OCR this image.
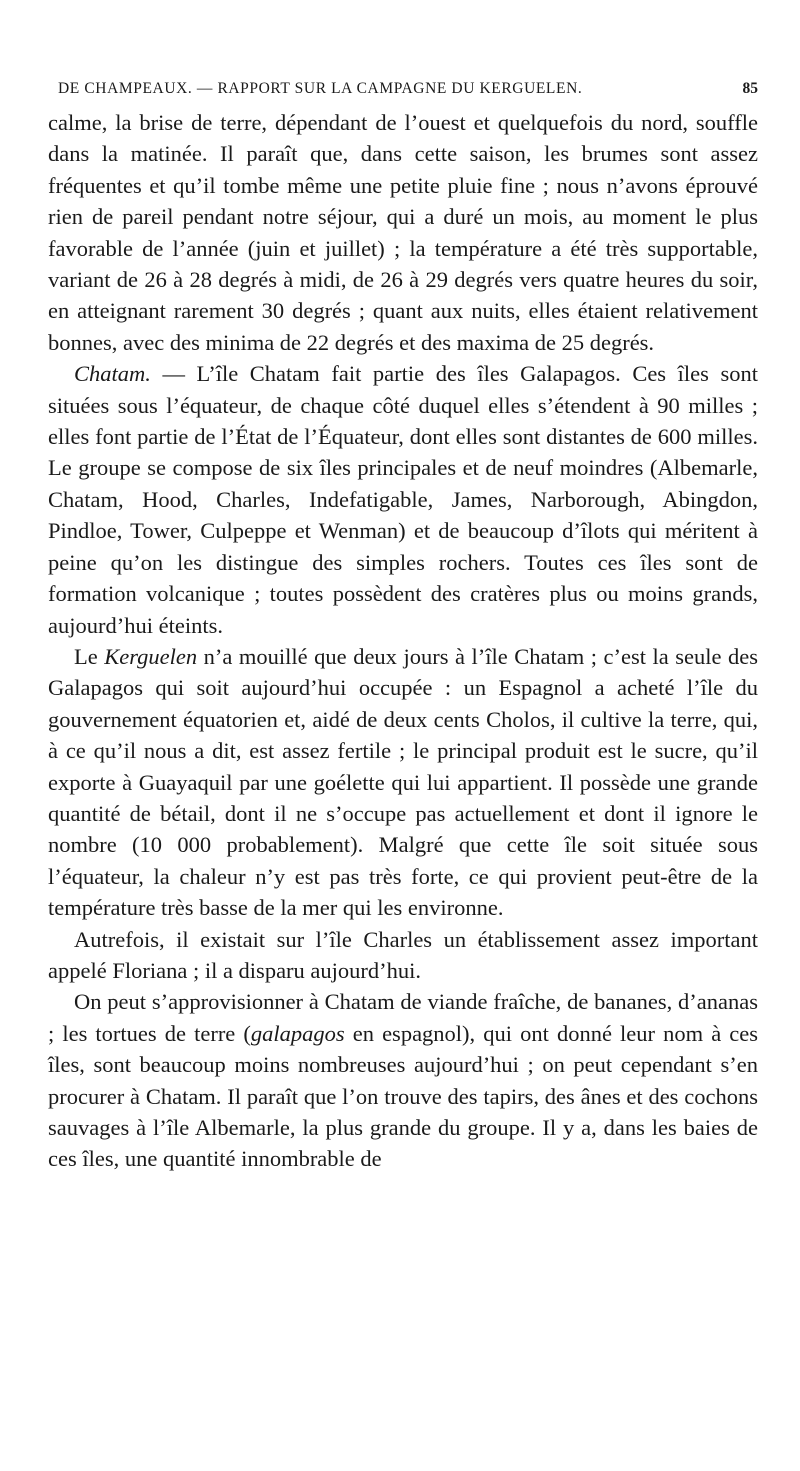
DE CHAMPEAUX. — RAPPORT SUR LA CAMPAGNE DU KERGUELEN.	85

calme, la brise de terre, dépendant de l’ouest et quelquefois du nord, souffle dans la matinée. Il paraît que, dans cette saison, les brumes sont assez fréquentes et qu’il tombe même une petite pluie fine ; nous n’avons éprouvé rien de pareil pendant notre séjour, qui a duré un mois, au moment le plus favorable de l’année (juin et juillet) ; la température a été très supportable, variant de 26 à 28 degrés à midi, de 26 à 29 degrés vers quatre heures du soir, en atteignant rarement 30 degrés ; quant aux nuits, elles étaient relativement bonnes, avec des minima de 22 degrés et des maxima de 25 degrés.

Chatam. — L’île Chatam fait partie des îles Galapagos. Ces îles sont situées sous l’équateur, de chaque côté duquel elles s’étendent à 90 milles ; elles font partie de l’État de l’Équateur, dont elles sont distantes de 600 milles. Le groupe se compose de six îles principales et de neuf moindres (Albemarle, Chatam, Hood, Charles, Indefatigable, James, Narborough, Abingdon, Pindloe, Tower, Culpeppe et Wenman) et de beaucoup d’îlots qui méritent à peine qu’on les distingue des simples rochers. Toutes ces îles sont de formation volcanique ; toutes possèdent des cratères plus ou moins grands, aujourd’hui éteints.

Le Kerguelen n’a mouillé que deux jours à l’île Chatam ; c’est la seule des Galapagos qui soit aujourd’hui occupée : un Espagnol a acheté l’île du gouvernement équatorien et, aidé de deux cents Cholos, il cultive la terre, qui, à ce qu’il nous a dit, est assez fertile ; le principal produit est le sucre, qu’il exporte à Guayaquil par une goélette qui lui appartient. Il possède une grande quantité de bétail, dont il ne s’occupe pas actuellement et dont il ignore le nombre (10 000 probablement). Malgré que cette île soit située sous l’équateur, la chaleur n’y est pas très forte, ce qui provient peut-être de la température très basse de la mer qui les environne.

Autrefois, il existait sur l’île Charles un établissement assez important appelé Floriana ; il a disparu aujourd’hui.

On peut s’approvisionner à Chatam de viande fraîche, de bananes, d’ananas ; les tortues de terre (galapagos en espagnol), qui ont donné leur nom à ces îles, sont beaucoup moins nombreuses aujourd’hui ; on peut cependant s’en procurer à Chatam. Il paraît que l’on trouve des tapirs, des ânes et des cochons sauvages à l’île Albemarle, la plus grande du groupe. Il y a, dans les baies de ces îles, une quantité innombrable de
